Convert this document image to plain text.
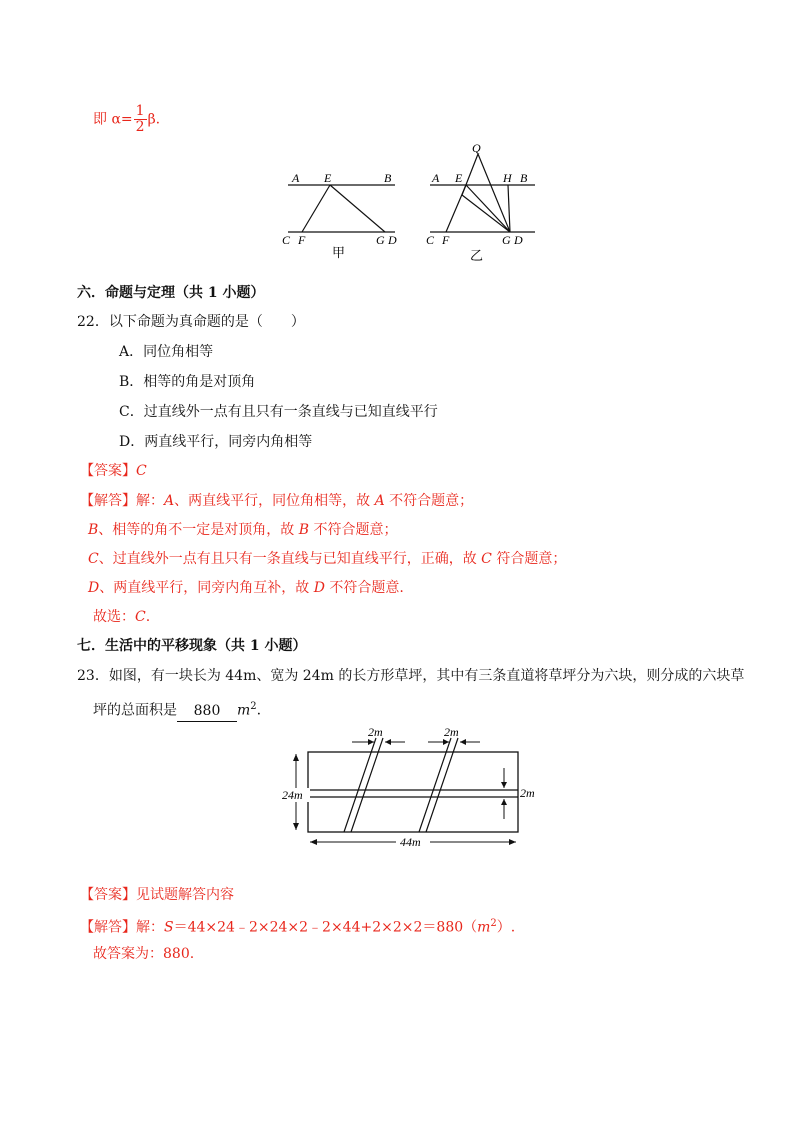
即 $\alpha= \frac{1}{2} \beta$.
A E	B
C F	G D
甲
Q
A E	H B
C F	G D
乙
六．命题与定理（共 1 小题）
22．以下命题为真命题的是（　　）
A．同位角相等
B．相等的角是对顶角
C．过直线外一点有且只有一条直线与已知直线平行
D．两直线平行，同旁内角相等
【答案】C
【解答】解：A、两直线平行，同位角相等，故 A 不符合题意；
B、相等的角不一定是对顶角，故 B 不符合题意；
C、过直线外一点有且只有一条直线与已知直线平行，正确，故 C 符合题意；
D、两直线平行，同旁内角互补，故 D 不符合题意.
故选：C.
七．生活中的平移现象（共 1 小题）
23．如图，有一块长为 44m、宽为 24m 的长方形草坪，其中有三条直道将草坪分为六块，则分成的六块草
坪的总面积是 880 $m^2$.
2m	2m
2m
24m
44m
【答案】见试题解答内容
【解答】解：$S=44\times 24﹣2\times 24\times 2﹣2\times 44+2\times 2\times 2=880(m^2)$.
故答案为：880.
